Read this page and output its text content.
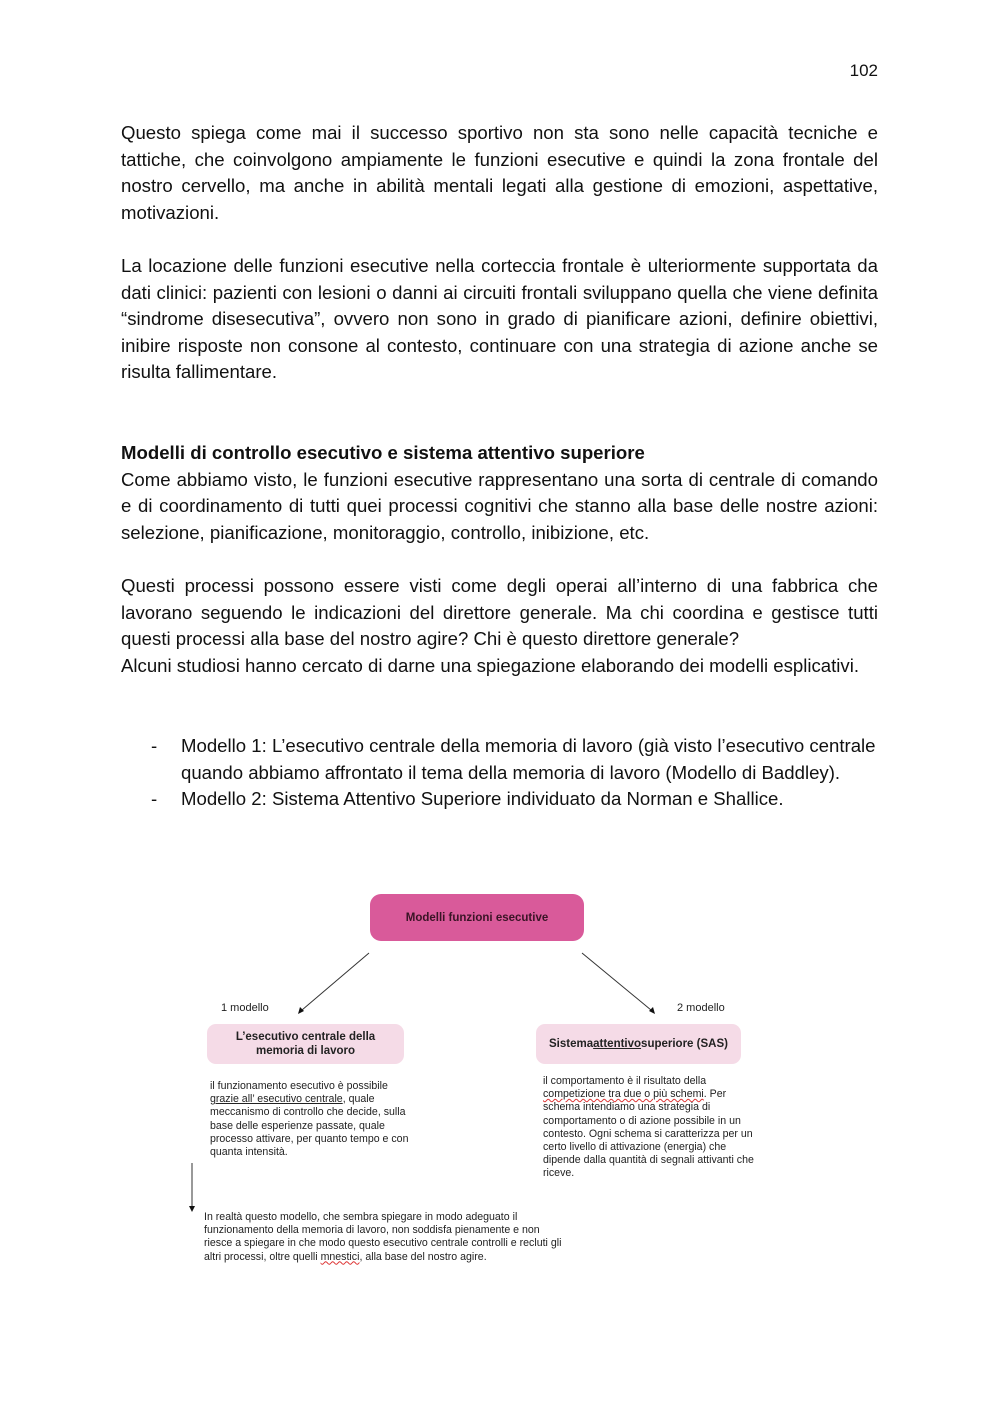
102

Questo spiega come mai il successo sportivo non sta sono nelle capacità tecniche e tattiche, che coinvolgono ampiamente le funzioni esecutive e quindi la zona frontale del nostro cervello, ma anche in abilità mentali legati alla gestione di emozioni, aspettative, motivazioni.

La locazione delle funzioni esecutive nella corteccia frontale è ulteriormente supportata da dati clinici: pazienti con lesioni o danni ai circuiti frontali sviluppano quella che viene definita “sindrome disesecutiva”, ovvero non sono in grado di pianificare azioni, definire obiettivi, inibire risposte non consone al contesto, continuare con una strategia di azione anche se risulta fallimentare.

Modelli di controllo esecutivo e sistema attentivo superiore

Come abbiamo visto, le funzioni esecutive rappresentano una sorta di centrale di comando e di coordinamento di tutti quei processi cognitivi che stanno alla base delle nostre azioni: selezione, pianificazione, monitoraggio, controllo, inibizione, etc.

Questi processi possono essere visti come degli operai all’interno di una fabbrica che lavorano seguendo le indicazioni del direttore generale. Ma chi coordina e gestisce tutti questi processi alla base del nostro agire? Chi è questo direttore generale?

Alcuni studiosi hanno cercato di darne una spiegazione elaborando dei modelli esplicativi.

- Modello 1: L’esecutivo centrale della memoria di lavoro (già visto l’esecutivo centrale quando abbiamo affrontato il tema della memoria di lavoro (Modello di Baddley).
- Modello 2: Sistema Attentivo Superiore individuato da Norman e Shallice.
Modelli funzioni esecutive
1 modello	2 modello
L’esecutivo centrale della memoria di lavoro
Sistema attentivo superiore (SAS)

il funzionamento esecutivo è possibile grazie all’ esecutivo centrale, quale meccanismo di controllo che decide, sulla base delle esperienze passate, quale processo attivare, per quanto tempo e con quanta intensità.

il comportamento è il risultato della competizione tra due o più schemi. Per schema intendiamo una strategia di comportamento o di azione possibile in un contesto. Ogni schema si caratterizza per un certo livello di attivazione (energia) che dipende dalla quantità di segnali attivanti che riceve.

In realtà questo modello, che sembra spiegare in modo adeguato il funzionamento della memoria di lavoro, non soddisfa pienamente e non riesce a spiegare in che modo questo esecutivo centrale controlli e recluti gli altri processi, oltre quelli mnestici, alla base del nostro agire.
